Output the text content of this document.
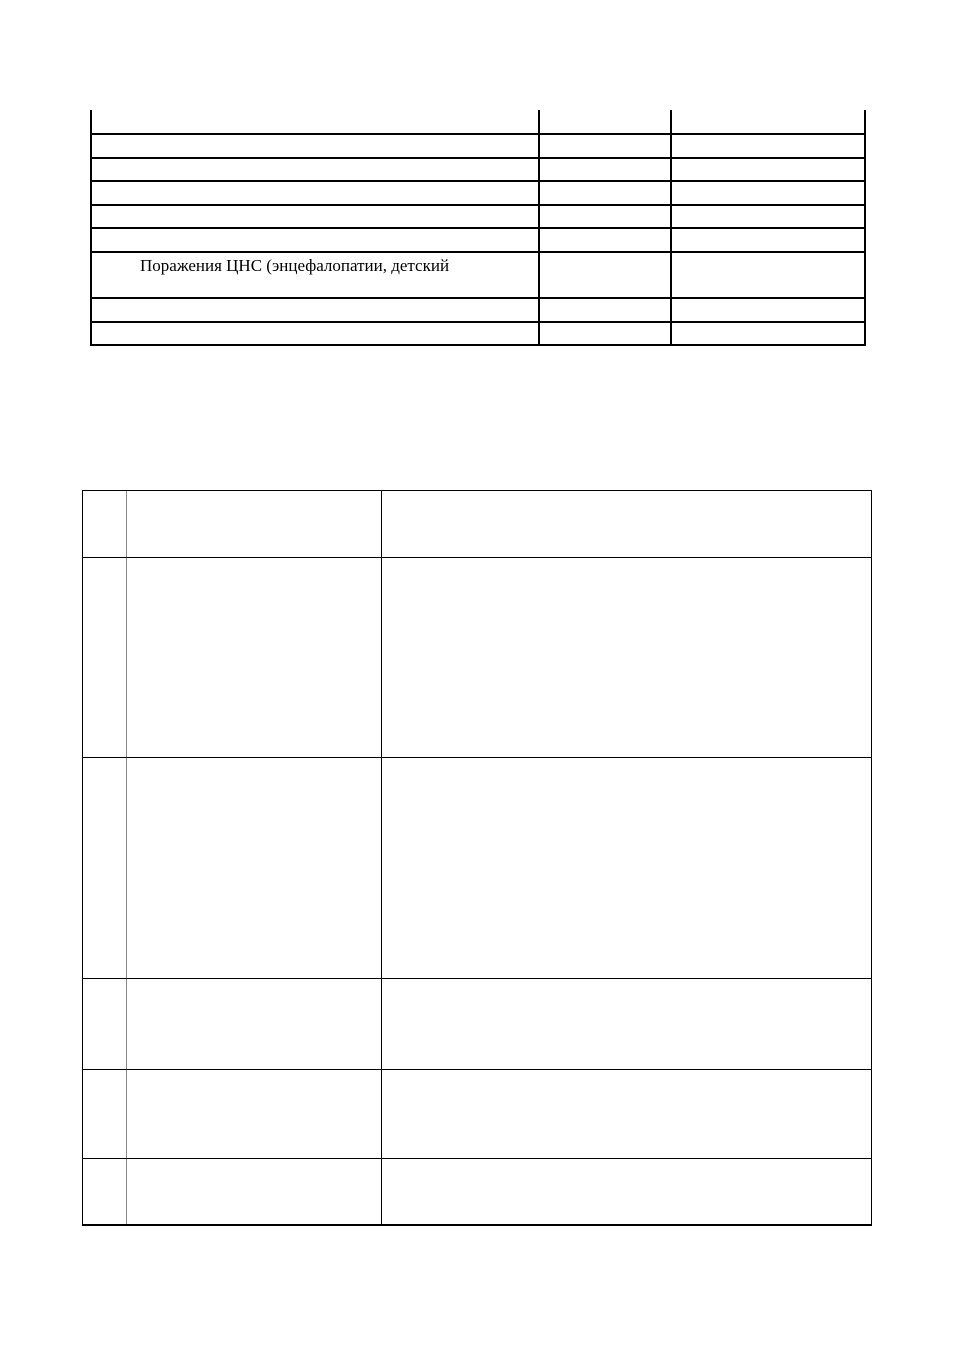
Поражения ЦНС (энцефалопатии, детский
